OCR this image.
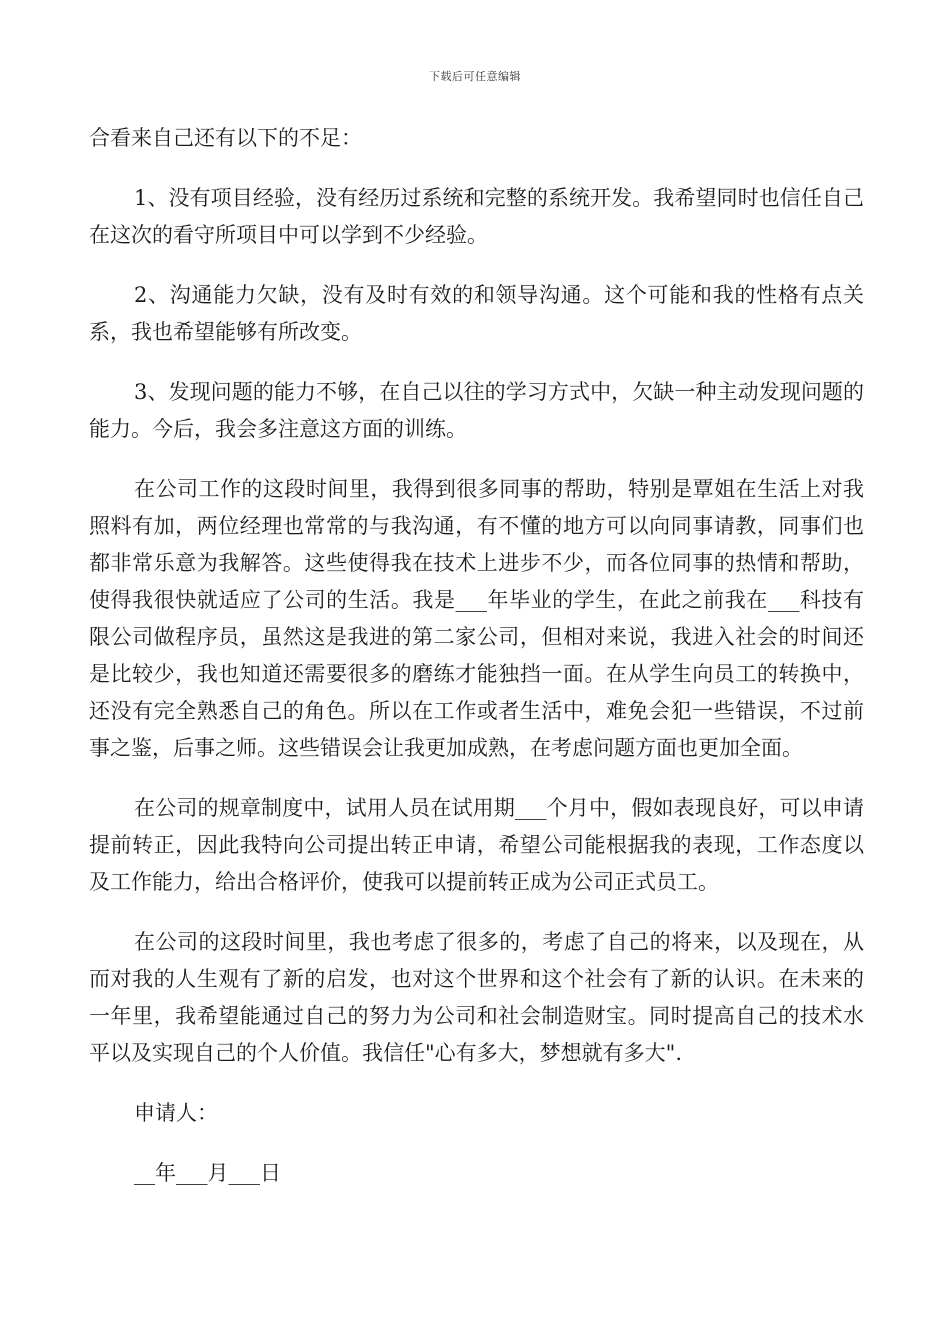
下载后可任意编辑

合看来自己还有以下的不足：

1、没有项目经验，没有经历过系统和完整的系统开发。我希望同时也信任自己在这次的看守所项目中可以学到不少经验。

2、沟通能力欠缺，没有及时有效的和领导沟通。这个可能和我的性格有点关系，我也希望能够有所改变。

3、发现问题的能力不够，在自己以往的学习方式中，欠缺一种主动发现问题的能力。今后，我会多注意这方面的训练。

在公司工作的这段时间里，我得到很多同事的帮助，特别是覃姐在生活上对我照料有加，两位经理也常常的与我沟通，有不懂的地方可以向同事请教，同事们也都非常乐意为我解答。这些使得我在技术上进步不少，而各位同事的热情和帮助，使得我很快就适应了公司的生活。我是___年毕业的学生，在此之前我在___科技有限公司做程序员，虽然这是我进的第二家公司，但相对来说，我进入社会的时间还是比较少，我也知道还需要很多的磨练才能独挡一面。在从学生向员工的转换中，还没有完全熟悉自己的角色。所以在工作或者生活中，难免会犯一些错误，不过前事之鉴，后事之师。这些错误会让我更加成熟，在考虑问题方面也更加全面。

在公司的规章制度中，试用人员在试用期___个月中，假如表现良好，可以申请提前转正，因此我特向公司提出转正申请，希望公司能根据我的表现，工作态度以及工作能力，给出合格评价，使我可以提前转正成为公司正式员工。

在公司的这段时间里，我也考虑了很多的，考虑了自己的将来，以及现在，从而对我的人生观有了新的启发，也对这个世界和这个社会有了新的认识。在未来的一年里，我希望能通过自己的努力为公司和社会制造财宝。同时提高自己的技术水平以及实现自己的个人价值。我信任"心有多大，梦想就有多大".

申请人：

__年___月___日
